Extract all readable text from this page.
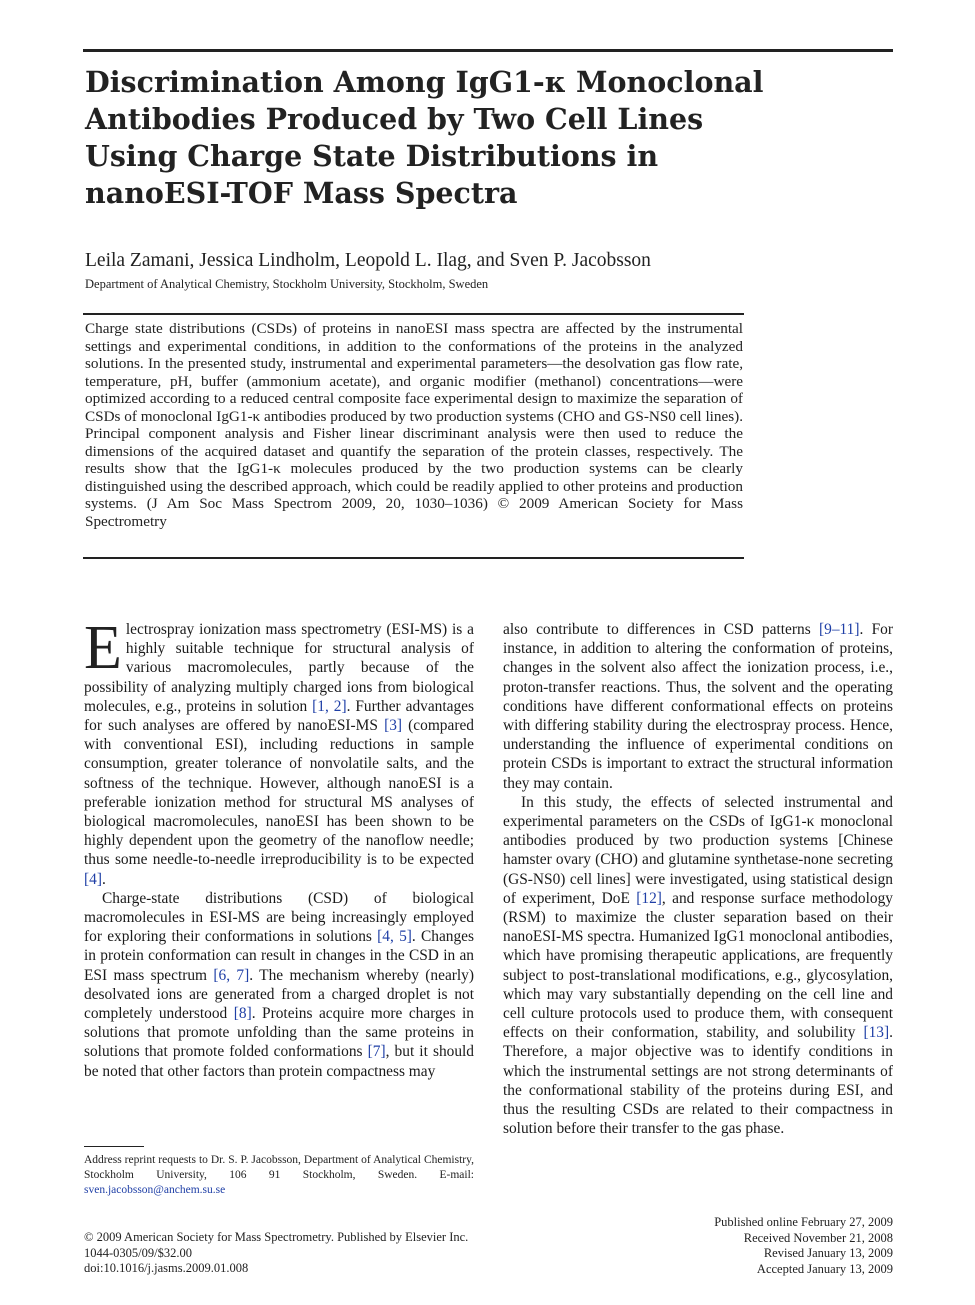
Discrimination Among IgG1-κ Monoclonal Antibodies Produced by Two Cell Lines Using Charge State Distributions in nanoESI-TOF Mass Spectra
Leila Zamani, Jessica Lindholm, Leopold L. Ilag, and Sven P. Jacobsson
Department of Analytical Chemistry, Stockholm University, Stockholm, Sweden
Charge state distributions (CSDs) of proteins in nanoESI mass spectra are affected by the instrumental settings and experimental conditions, in addition to the conformations of the proteins in the analyzed solutions. In the presented study, instrumental and experimental parameters—the desolvation gas flow rate, temperature, pH, buffer (ammonium acetate), and organic modifier (methanol) concentrations—were optimized according to a reduced central composite face experimental design to maximize the separation of CSDs of monoclonal IgG1-κ antibodies produced by two production systems (CHO and GS-NS0 cell lines). Principal component analysis and Fisher linear discriminant analysis were then used to reduce the dimensions of the acquired dataset and quantify the separation of the protein classes, respectively. The results show that the IgG1-κ molecules produced by the two production systems can be clearly distinguished using the described approach, which could be readily applied to other proteins and production systems. (J Am Soc Mass Spectrom 2009, 20, 1030–1036) © 2009 American Society for Mass Spectrometry

Electrospray ionization mass spectrometry (ESI-MS) is a highly suitable technique for structural analysis of various macromolecules, partly because of the possibility of analyzing multiply charged ions from biological molecules, e.g., proteins in solution [1, 2]. Further advantages for such analyses are offered by nanoESI-MS [3] (compared with conventional ESI), including reductions in sample consumption, greater tolerance of nonvolatile salts, and the softness of the technique. However, although nanoESI is a preferable ionization method for structural MS analyses of biological macromolecules, nanoESI has been shown to be highly dependent upon the geometry of the nanoflow needle; thus some needle-to-needle irreproducibility is to be expected [4].

Charge-state distributions (CSD) of biological macromolecules in ESI-MS are being increasingly employed for exploring their conformations in solutions [4, 5]. Changes in protein conformation can result in changes in the CSD in an ESI mass spectrum [6, 7]. The mechanism whereby (nearly) desolvated ions are generated from a charged droplet is not completely understood [8]. Proteins acquire more charges in solutions that promote unfolding than the same proteins in solutions that promote folded conformations [7], but it should be noted that other factors than protein compactness may

also contribute to differences in CSD patterns [9–11]. For instance, in addition to altering the conformation of proteins, changes in the solvent also affect the ionization process, i.e., proton-transfer reactions. Thus, the solvent and the operating conditions have different conformational effects on proteins with differing stability during the electrospray process. Hence, understanding the influence of experimental conditions on protein CSDs is important to extract the structural information they may contain.

In this study, the effects of selected instrumental and experimental parameters on the CSDs of IgG1-κ monoclonal antibodies produced by two production systems [Chinese hamster ovary (CHO) and glutamine synthetase-none secreting (GS-NS0) cell lines] were investigated, using statistical design of experiment, DoE [12], and response surface methodology (RSM) to maximize the cluster separation based on their nanoESI-MS spectra. Humanized IgG1 monoclonal antibodies, which have promising therapeutic applications, are frequently subject to post-translational modifications, e.g., glycosylation, which may vary substantially depending on the cell line and cell culture protocols used to produce them, with consequent effects on their conformation, stability, and solubility [13]. Therefore, a major objective was to identify conditions in which the instrumental settings are not strong determinants of the conformational stability of the proteins during ESI, and thus the resulting CSDs are related to their compactness in solution before their transfer to the gas phase.

Address reprint requests to Dr. S. P. Jacobsson, Department of Analytical Chemistry, Stockholm University, 106 91 Stockholm, Sweden. E-mail: sven.jacobsson@anchem.su.se
© 2009 American Society for Mass Spectrometry. Published by Elsevier Inc.
1044-0305/09/$32.00
doi:10.1016/j.jasms.2009.01.008
Published online February 27, 2009
Received November 21, 2008
Revised January 13, 2009
Accepted January 13, 2009
